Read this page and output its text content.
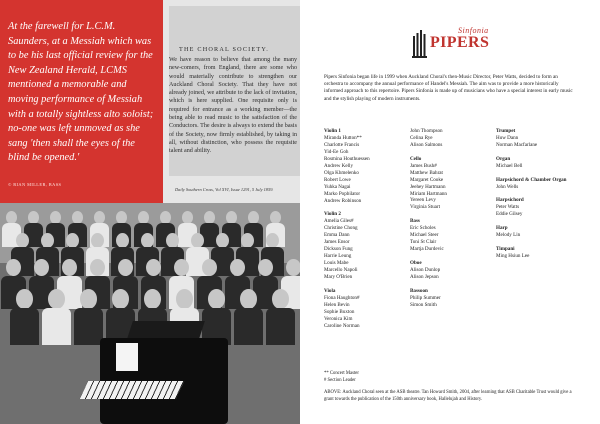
At the farewell for L.C.M. Saunders, at a Messiah which was to be his last official review for the New Zealand Herald, LCMS mentioned a memorable and moving performance of Messiah with a totally sightless alto soloist; no-one was left unmoved as she sang 'then shall the eyes of the blind be opened.'

© RIAN MILLER, BASS
THE CHORAL SOCIETY.

We have reason to believe that among the many new-comers, from England, there are some who would materially contribute to strengthen our Auckland Choral Society. That they have not already joined, we attribute to the lack of invitation, which is here supplied. One requisite only is required for entrance as a working member—the being able to read music to the satisfaction of the Conductors. The desire is always to extend the basis of the Society, now firmly established, by taking in all, without distinction, who possess the requisite talent and ability.

Daily Southern Cross, Vol XVI, Issue 1291, 5 July 1859.
Sinfonia
PIPERS

Pipers Sinfonia began life in 1999 when Auckland Choral's then-Music Director, Peter Watts, decided to form an orchestra to accompany the annual performance of Handel's Messiah. The aim was to provide a more historically informed approach to this repertoire. Pipers Sinfonia is made up of musicians who have a special interest in early music and the stylish playing of modern instruments.

Violin 1
Miranda Hutton**
Charlotte Francis
Yid-Ee Goh
Rosmina Houthuessen
Andrew Kelly
Olga Khmelenko
Robert Lowe
Yuhka Nagai
Marko Popbilator
Andrew Robinson
Violin 2
Amelia Giles#
Christine Chong
Emma Dann
James Ensor
Dickson Fung
Harrie Leung
Louis Mabe
Marcello Napoli
Mary O'Brien
Viola
Fiona Haughton#
Helen Bevin
Sophie Buxton
Veronica Kim
Caroline Norman
John Thompson
Celina Rye
Alison Salmons
Cello
James Bush#
Matthew Bahrat
Margaret Cooke
Jeehey Hartmann
Miriam Hartmann
Yereen Levy
Virginia Stuart
Bass
Eric Scholes
Michael Steer
Toni St Clair
Martja Durdevic
Oboe
Alison Dunlop
Alison Jepson
Bassoon
Philip Summer
Simon Smith
Trumpet
Huw Dann
Norman Macfarlane
Organ
Michael Bell
Harpsichord & Chamber Organ
John Wells
Harpsichord
Peter Watts
Eddie Gilsey
Harp
Melody Lin
Timpani
Ming Hsiun Lee
** Concert Master
# Section Leader

ABOVE: Auckland Choral seen at the ASB theatre. Tan Howard Smith, 2004, after learning that ASB Charitable Trust would give a grant towards the publication of the 150th anniversary book, Hallelujah and History.
